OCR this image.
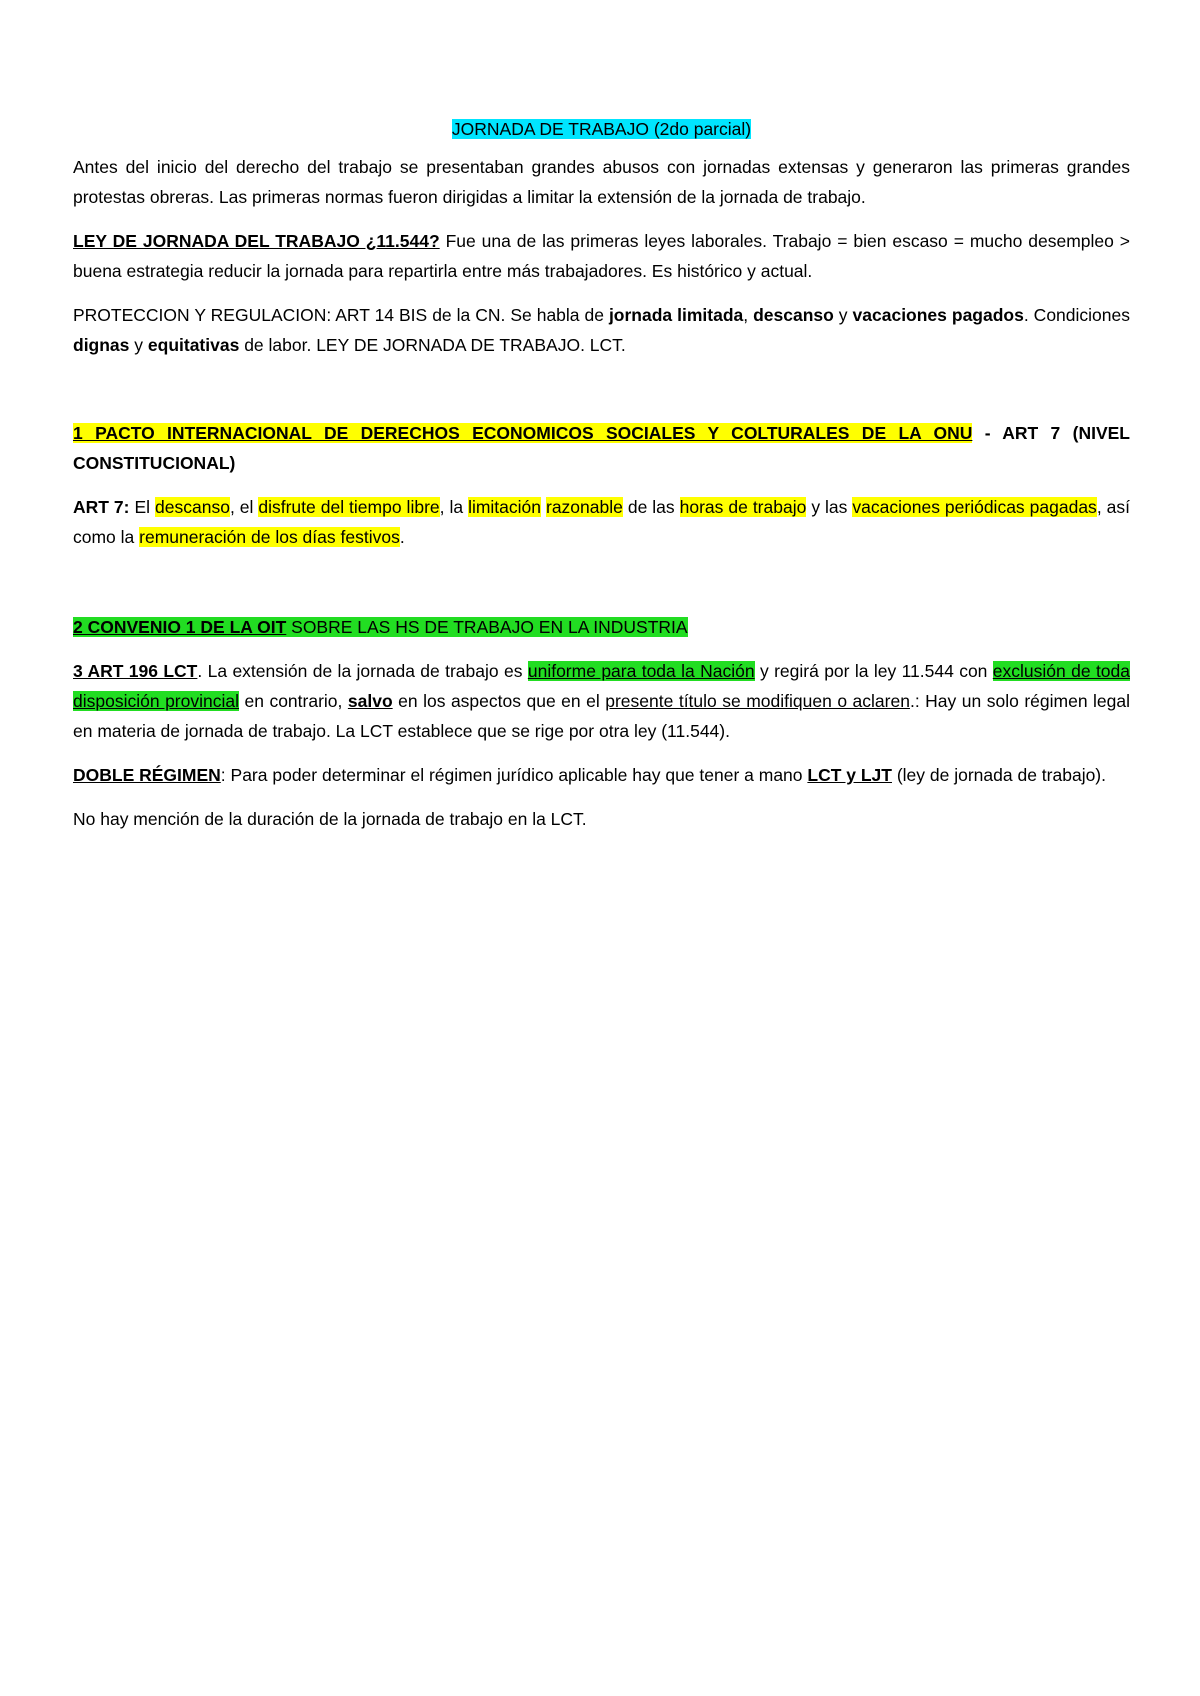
JORNADA DE TRABAJO (2do parcial)

Antes del inicio del derecho del trabajo se presentaban grandes abusos con jornadas extensas y generaron las primeras grandes protestas obreras. Las primeras normas fueron dirigidas a limitar la extensión de la jornada de trabajo.

LEY DE JORNADA DEL TRABAJO ¿11.544? Fue una de las primeras leyes laborales. Trabajo = bien escaso = mucho desempleo > buena estrategia reducir la jornada para repartirla entre más trabajadores. Es histórico y actual.

PROTECCION Y REGULACION: ART 14 BIS de la CN. Se habla de jornada limitada, descanso y vacaciones pagados. Condiciones dignas y equitativas de labor. LEY DE JORNADA DE TRABAJO. LCT.

1 PACTO INTERNACIONAL DE DERECHOS ECONOMICOS SOCIALES Y COLTURALES DE LA ONU - ART 7 (NIVEL CONSTITUCIONAL)

ART 7: El descanso, el disfrute del tiempo libre, la limitación razonable de las horas de trabajo y las vacaciones periódicas pagadas, así como la remuneración de los días festivos.

2 CONVENIO 1 DE LA OIT SOBRE LAS HS DE TRABAJO EN LA INDUSTRIA

3 ART 196 LCT. La extensión de la jornada de trabajo es uniforme para toda la Nación y regirá por la ley 11.544 con exclusión de toda disposición provincial en contrario, salvo en los aspectos que en el presente título se modifiquen o aclaren.: Hay un solo régimen legal en materia de jornada de trabajo. La LCT establece que se rige por otra ley (11.544).

DOBLE RÉGIMEN: Para poder determinar el régimen jurídico aplicable hay que tener a mano LCT y LJT (ley de jornada de trabajo).

No hay mención de la duración de la jornada de trabajo en la LCT.
